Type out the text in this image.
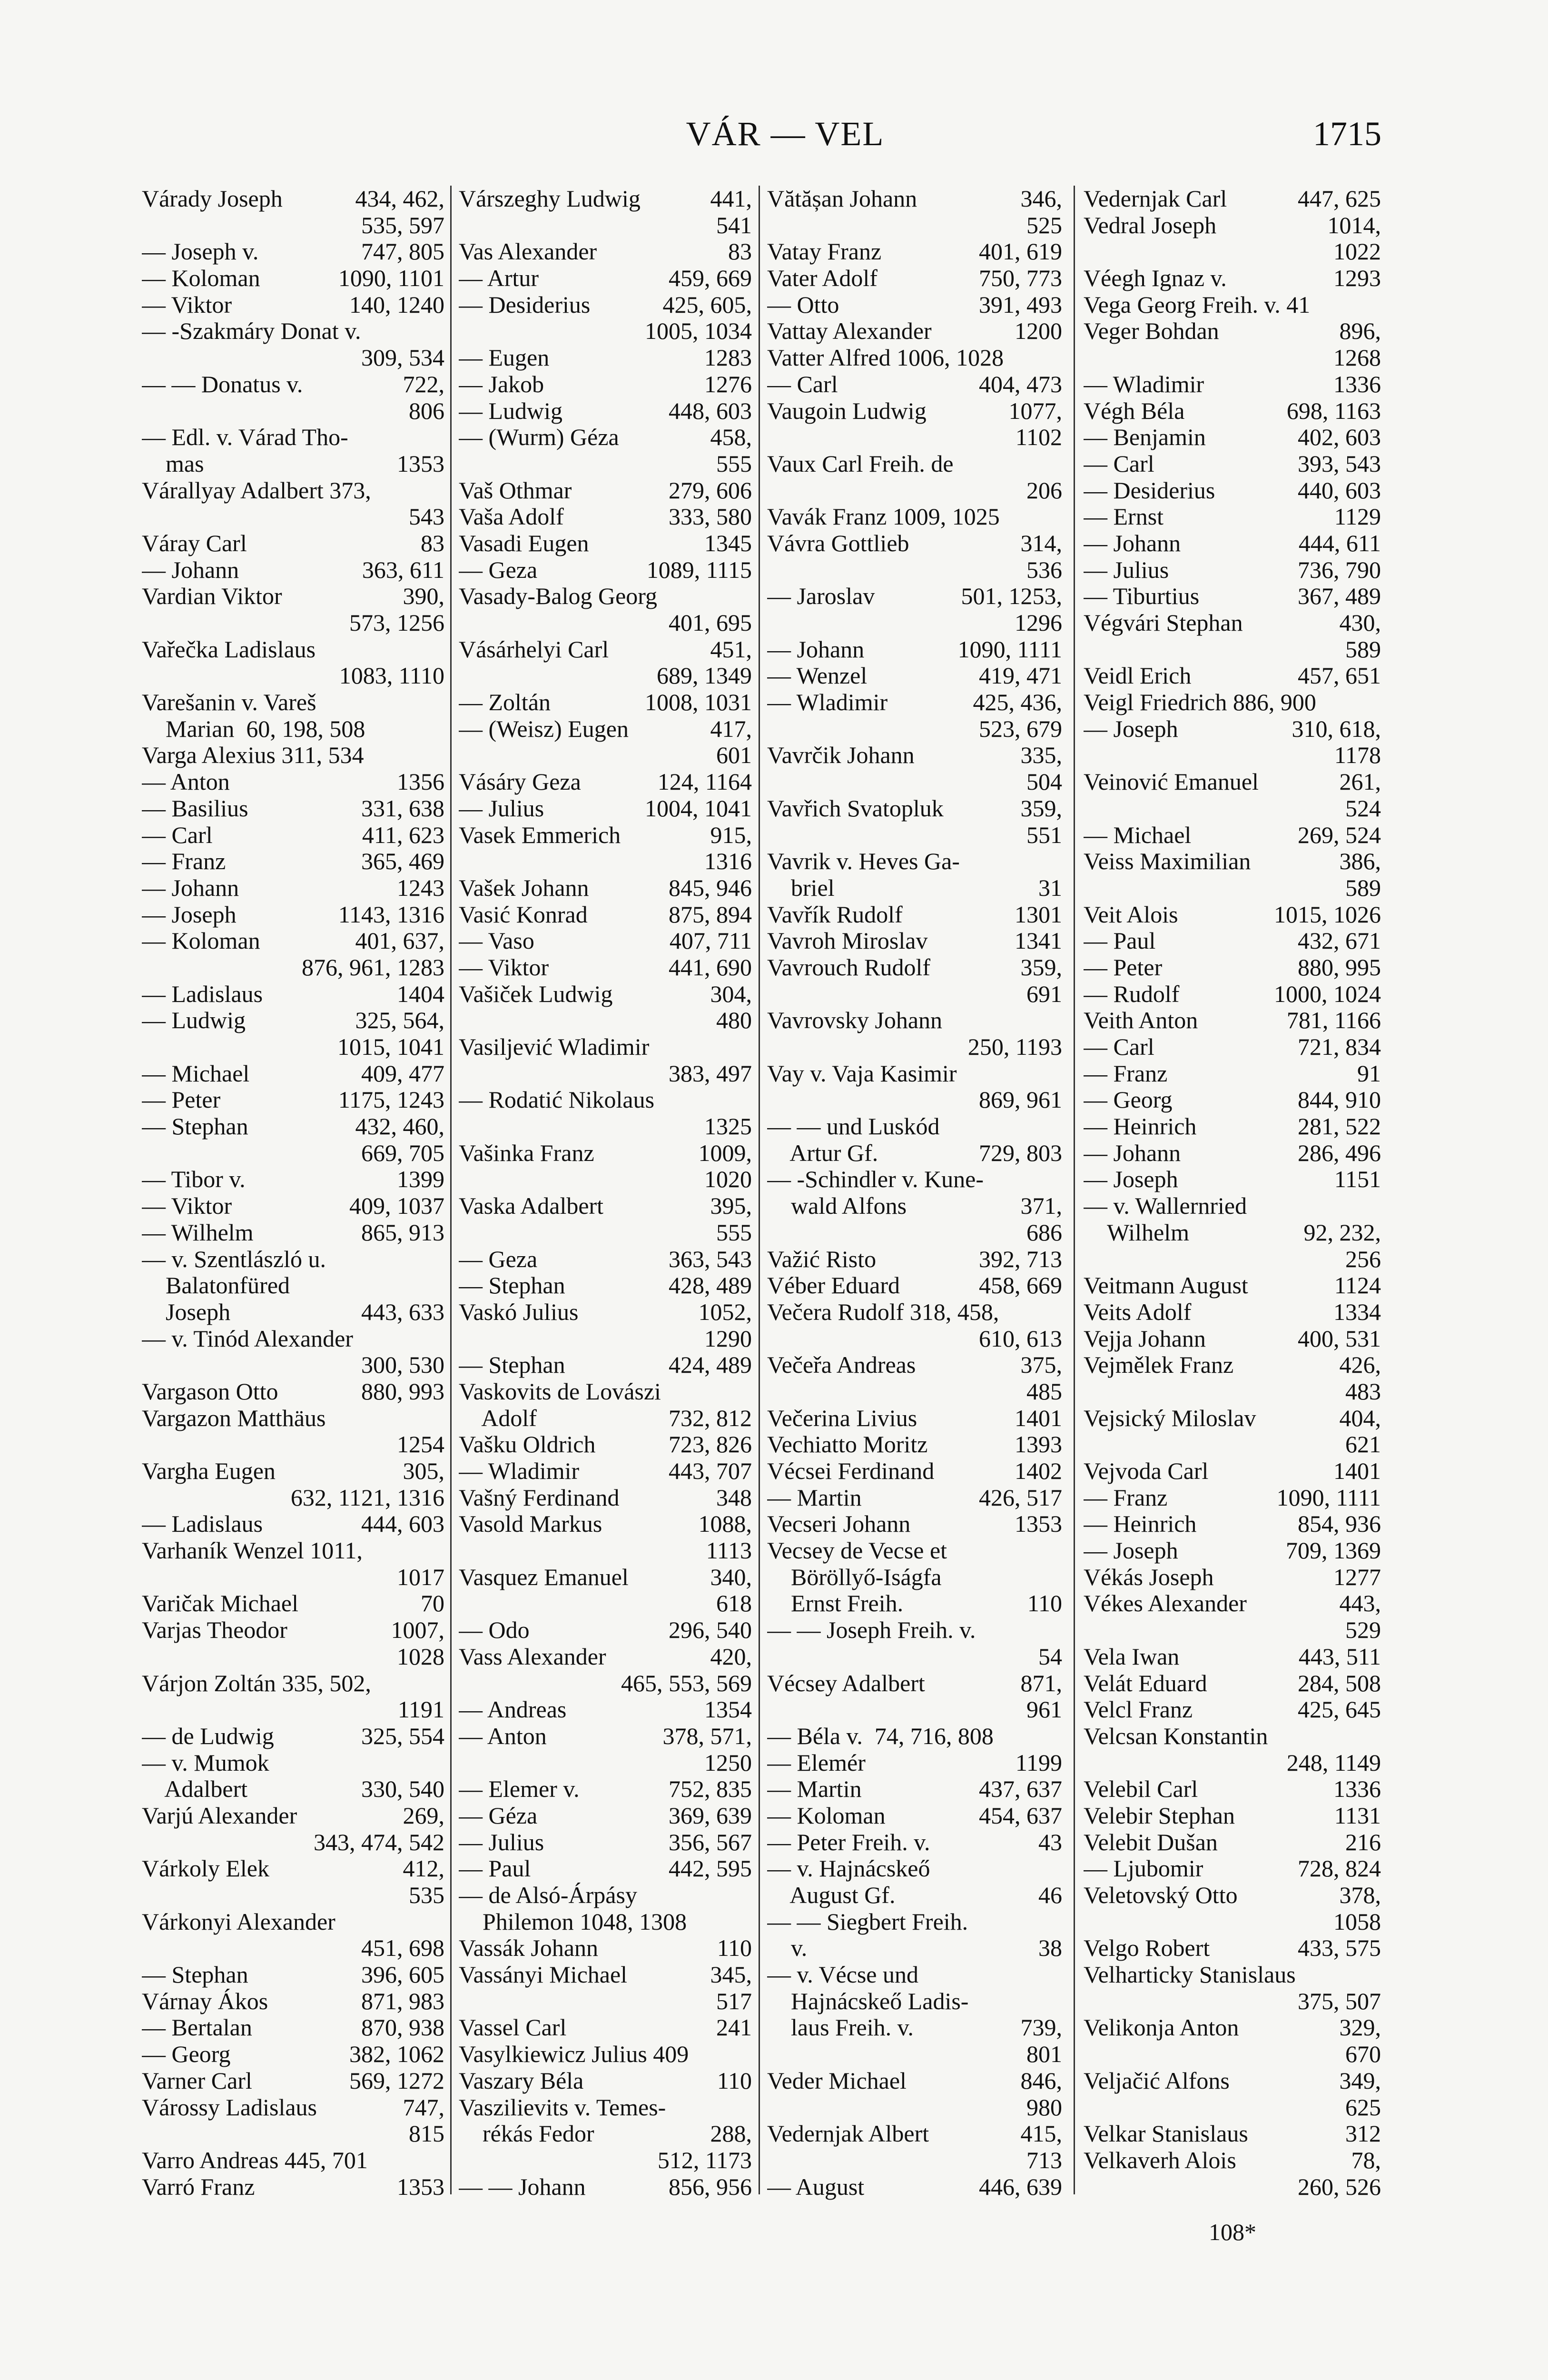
VÁR — VEL	1715
Várady Joseph	434, 462,
535, 597
— Joseph v.	747, 805
— Koloman	1090, 1101
— Viktor	140, 1240
— -Szakmáry Donat v.
309, 534
— — Donatus v.	722,
806
— Edl. v. Várad Tho-
mas	1353
Várallyay Adalbert 373,
543
Váray Carl	83
— Johann	363, 611
Vardian Viktor	390,
573, 1256
Vařečka Ladislaus
1083, 1110
Varešanin v. Vareš
Marian  60, 198, 508
Varga Alexius 311, 534
— Anton	1356
— Basilius	331, 638
— Carl	411, 623
— Franz	365, 469
— Johann	1243
— Joseph	1143, 1316
— Koloman	401, 637,
876, 961, 1283
— Ladislaus	1404
— Ludwig	325, 564,
1015, 1041
— Michael	409, 477
— Peter	1175, 1243
— Stephan	432, 460,
669, 705
— Tibor v.	1399
— Viktor	409, 1037
— Wilhelm	865, 913
— v. Szentlászló u.
Balatonfüred
Joseph	443, 633
— v. Tinód Alexander
300, 530
Vargason Otto	880, 993
Vargazon Matthäus
1254
Vargha Eugen	305,
632, 1121, 1316
— Ladislaus	444, 603
Varhaník Wenzel 1011,
1017
Varičak Michael	70
Varjas Theodor	1007,
1028
Várjon Zoltán 335, 502,
1191
— de Ludwig	325, 554
— v. Mumok
Adalbert	330, 540
Varjú Alexander	269,
343, 474, 542
Várkoly Elek	412,
535
Várkonyi Alexander
451, 698
— Stephan	396, 605
Várnay Ákos	871, 983
— Bertalan	870, 938
— Georg	382, 1062
Varner Carl	569, 1272
Várossy Ladislaus	747,
815
Varro Andreas 445, 701
Varró Franz	1353
Várszeghy Ludwig	441,
541
Vas Alexander	83
— Artur	459, 669
— Desiderius	425, 605,
1005, 1034
— Eugen	1283
— Jakob	1276
— Ludwig	448, 603
— (Wurm) Géza	458,
555
Vaš Othmar	279, 606
Vaša Adolf	333, 580
Vasadi Eugen	1345
— Geza	1089, 1115
Vasady-Balog Georg
401, 695
Vásárhelyi Carl	451,
689, 1349
— Zoltán	1008, 1031
— (Weisz) Eugen	417,
601
Vásáry Geza	124, 1164
— Julius	1004, 1041
Vasek Emmerich	915,
1316
Vašek Johann	845, 946
Vasić Konrad	875, 894
— Vaso	407, 711
— Viktor	441, 690
Vašiček Ludwig	304,
480
Vasiljević Wladimir
383, 497
— Rodatić Nikolaus
1325
Vašinka Franz	1009,
1020
Vaska Adalbert	395,
555
— Geza	363, 543
— Stephan	428, 489
Vaskó Julius	1052,
1290
— Stephan	424, 489
Vaskovits de Lovászi
Adolf	732, 812
Vašku Oldrich	723, 826
— Wladimir	443, 707
Vašný Ferdinand	348
Vasold Markus	1088,
1113
Vasquez Emanuel	340,
618
— Odo	296, 540
Vass Alexander	420,
465, 553, 569
— Andreas	1354
— Anton	378, 571,
1250
— Elemer v.	752, 835
— Géza	369, 639
— Julius	356, 567
— Paul	442, 595
— de Alsó-Árpásy
Philemon 1048, 1308
Vassák Johann	110
Vassányi Michael	345,
517
Vassel Carl	241
Vasylkiewicz Julius 409
Vaszary Béla	110
Vaszilievits v. Temes-
rékás Fedor	288,
512, 1173
— — Johann	856, 956
Vătășan Johann	346,
525
Vatay Franz	401, 619
Vater Adolf	750, 773
— Otto	391, 493
Vattay Alexander	1200
Vatter Alfred 1006, 1028
— Carl	404, 473
Vaugoin Ludwig	1077,
1102
Vaux Carl Freih. de
206
Vavák Franz 1009, 1025
Vávra Gottlieb	314,
536
— Jaroslav	501, 1253,
1296
— Johann	1090, 1111
— Wenzel	419, 471
— Wladimir	425, 436,
523, 679
Vavrčik Johann	335,
504
Vavřich Svatopluk	359,
551
Vavrik v. Heves Ga-
briel	31
Vavřík Rudolf	1301
Vavroh Miroslav	1341
Vavrouch Rudolf	359,
691
Vavrovsky Johann
250, 1193
Vay v. Vaja Kasimir
869, 961
— — und Luskód
Artur Gf.	729, 803
— -Schindler v. Kune-
wald Alfons	371,
686
Važić Risto	392, 713
Véber Eduard	458, 669
Večera Rudolf 318, 458,
610, 613
Večeřa Andreas	375,
485
Večerina Livius	1401
Vechiatto Moritz	1393
Vécsei Ferdinand	1402
— Martin	426, 517
Vecseri Johann	1353
Vecsey de Vecse et
Böröllyő-Iságfa
Ernst Freih.	110
— — Joseph Freih. v.
54
Vécsey Adalbert	871,
961
— Béla v.  74, 716, 808
— Elemér	1199
— Martin	437, 637
— Koloman	454, 637
— Peter Freih. v.	43
— v. Hajnácskeő
August Gf.	46
— — Siegbert Freih.
v.	38
— v. Vécse und
Hajnácskeő Ladis-
laus Freih. v.	739,
801
Veder Michael	846,
980
Vedernjak Albert	415,
713
— August	446, 639
Vedernjak Carl	447, 625
Vedral Joseph	1014,
1022
Véegh Ignaz v.	1293
Vega Georg Freih. v. 41
Veger Bohdan	896,
1268
— Wladimir	1336
Végh Béla	698, 1163
— Benjamin	402, 603
— Carl	393, 543
— Desiderius	440, 603
— Ernst	1129
— Johann	444, 611
— Julius	736, 790
— Tiburtius	367, 489
Végvári Stephan	430,
589
Veidl Erich	457, 651
Veigl Friedrich 886, 900
— Joseph	310, 618,
1178
Veinović Emanuel	261,
524
— Michael	269, 524
Veiss Maximilian	386,
589
Veit Alois	1015, 1026
— Paul	432, 671
— Peter	880, 995
— Rudolf	1000, 1024
Veith Anton	781, 1166
— Carl	721, 834
— Franz	91
— Georg	844, 910
— Heinrich	281, 522
— Johann	286, 496
— Joseph	1151
— v. Wallernried
Wilhelm	92, 232,
256
Veitmann August	1124
Veits Adolf	1334
Vejja Johann	400, 531
Vejmělek Franz	426,
483
Vejsický Miloslav	404,
621
Vejvoda Carl	1401
— Franz	1090, 1111
— Heinrich	854, 936
— Joseph	709, 1369
Vékás Joseph	1277
Vékes Alexander	443,
529
Vela Iwan	443, 511
Velát Eduard	284, 508
Velcl Franz	425, 645
Velcsan Konstantin
248, 1149
Velebil Carl	1336
Velebir Stephan	1131
Velebit Dušan	216
— Ljubomir	728, 824
Veletovský Otto	378,
1058
Velgo Robert	433, 575
Velharticky Stanislaus
375, 507
Velikonja Anton	329,
670
Veljačić Alfons	349,
625
Velkar Stanislaus	312
Velkaverh Alois	78,
260, 526
108*
